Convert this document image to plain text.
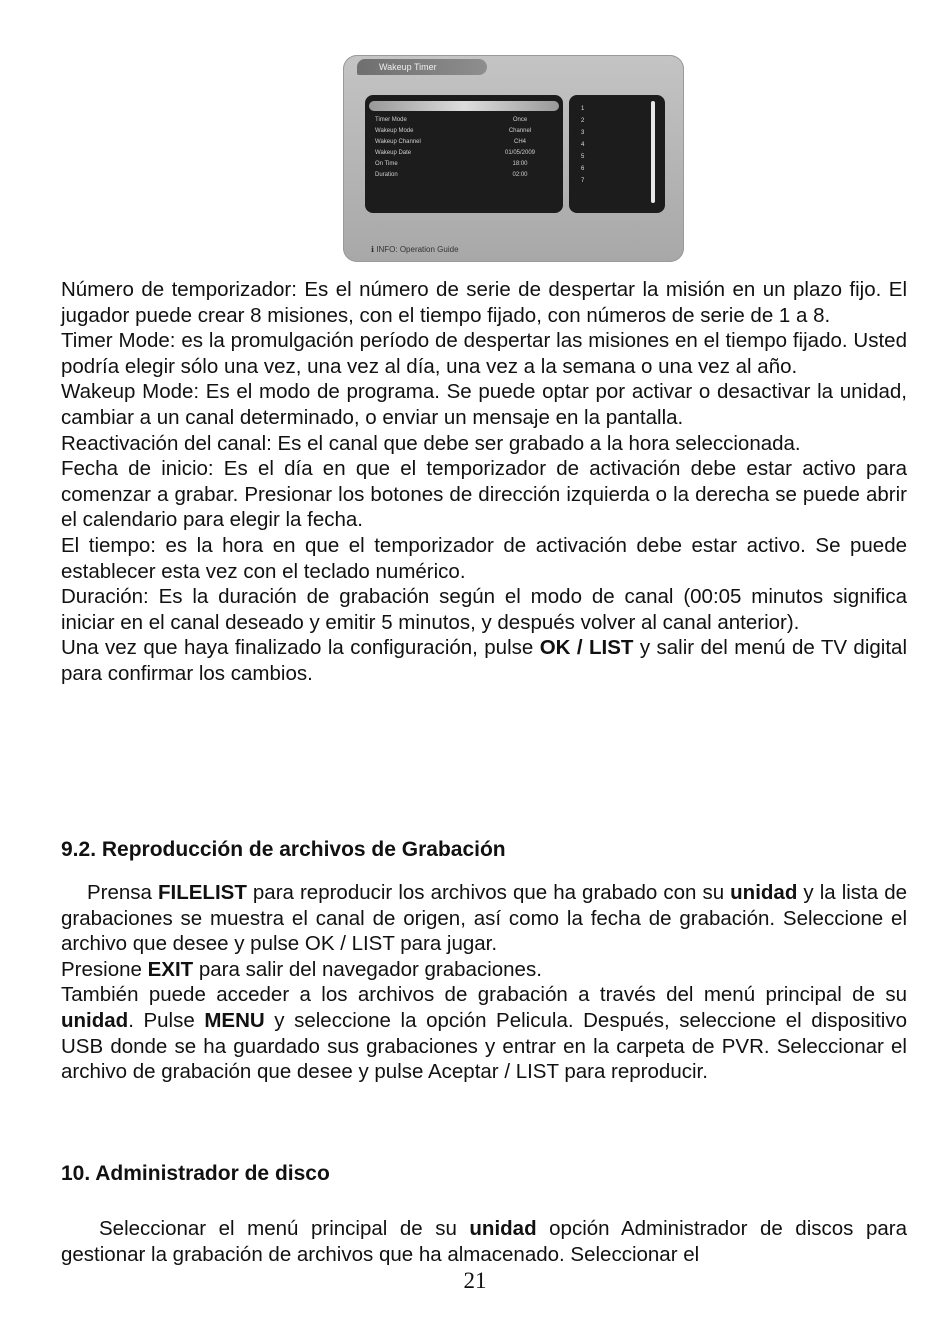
Wakeup Timer
Timer Mode	Once
Wakeup Mode	Channel
Wakeup Channel	CH4
Wakeup Date	01/05/2009
On Time	18:00
Duration	02:00
1
2
3
4
5
6
7
ℹ INFO: Operation Guide

Número de temporizador: Es el número de serie de despertar la misión en un plazo fijo. El jugador puede crear 8 misiones, con el tiempo fijado, con números de serie de 1 a 8.

Timer Mode: es la promulgación período de despertar las misiones en el tiempo fijado. Usted podría elegir sólo una vez, una vez al día, una vez a la semana o una vez al año.

Wakeup Mode: Es el modo de programa. Se puede optar por activar o desactivar la unidad, cambiar a un canal determinado, o enviar un mensaje en la pantalla.

Reactivación del canal: Es el canal que debe ser grabado a la hora seleccionada.

Fecha de inicio: Es el día en que el temporizador de activación debe estar activo para comenzar a grabar. Presionar los botones de dirección izquierda o la derecha se puede abrir el calendario para elegir la fecha.

El tiempo: es la hora en que el temporizador de activación debe estar activo. Se puede establecer esta vez con el teclado numérico.

Duración: Es la duración de grabación según el modo de canal (00:05 minutos significa iniciar en el canal deseado y emitir 5 minutos, y después volver al canal anterior).

Una vez que haya finalizado la configuración, pulse OK / LIST y salir del menú de TV digital para confirmar los cambios.

9.2. Reproducción de archivos de Grabación

Prensa FILELIST para reproducir los archivos que ha grabado con su unidad y la lista de grabaciones se muestra el canal de origen, así como la fecha de grabación. Seleccione el archivo que desee y pulse OK / LIST para jugar.

Presione EXIT para salir del navegador grabaciones.

También puede acceder a los archivos de grabación a través del menú principal de su unidad. Pulse MENU y seleccione la opción Pelicula. Después, seleccione el dispositivo USB donde se ha guardado sus grabaciones y entrar en la carpeta de PVR. Seleccionar el archivo de grabación que desee y pulse Aceptar / LIST para reproducir.

10. Administrador de disco

Seleccionar el menú principal de su unidad opción Administrador de discos para gestionar la grabación de archivos que ha almacenado. Seleccionar el

21
